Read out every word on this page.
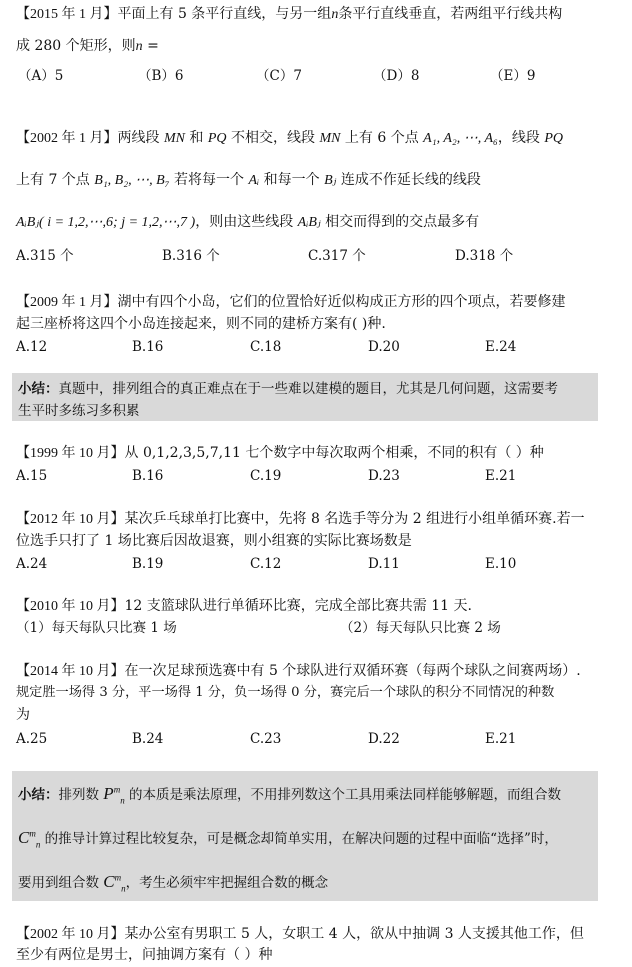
【2015 年 1 月】平面上有 5 条平行直线，与另一组n条平行直线垂直，若两组平行线共构
成 280 个矩形，则n =
（A）5	（B）6	（C）7	（D）8	（E）9
【2002 年 1 月】两线段 MN 和 PQ 不相交，线段 MN 上有 6 个点 A₁, A₂, ⋯, A₆，线段 PQ
上有 7 个点 B₁, B₂, ⋯, B₇ 若将每一个 Aᵢ 和每一个 Bⱼ 连成不作延长线的线段
AᵢBⱼ( i = 1,2,⋯,6; j = 1,2,⋯,7 )，则由这些线段 AᵢBⱼ 相交而得到的交点最多有
A.315 个	B.316 个	C.317 个	D.318 个
【2009 年 1 月】湖中有四个小岛，它们的位置恰好近似构成正方形的四个项点，若要修建
起三座桥将这四个小岛连接起来，则不同的建桥方案有( )种.
A.12	B.16	C.18	D.20	E.24
小结：真题中，排列组合的真正难点在于一些难以建模的题目，尤其是几何问题，这需要考
生平时多练习多积累
【1999 年 10 月】从 0,1,2,3,5,7,11 七个数字中每次取两个相乘，不同的积有（ ）种
A.15	B.16	C.19	D.23	E.21
【2012 年 10 月】某次乒乓球单打比赛中，先将 8 名选手等分为 2 组进行小组单循环赛.若一
位选手只打了 1 场比赛后因故退赛，则小组赛的实际比赛场数是
A.24	B.19	C.12	D.11	E.10
【2010 年 10 月】12 支篮球队进行单循环比赛，完成全部比赛共需 11 天.
（1）每天每队只比赛 1 场	（2）每天每队只比赛 2 场
【2014 年 10 月】在一次足球预选赛中有 5 个球队进行双循环赛（每两个球队之间赛两场）.
规定胜一场得 3 分，平一场得 1 分，负一场得 0 分，赛完后一个球队的积分不同情况的种数
为
A.25	B.24	C.23	D.22	E.21
小结：排列数 $P^m_n$ 的本质是乘法原理，不用排列数这个工具用乘法同样能够解题，而组合数
$C^m_n$ 的推导计算过程比较复杂，可是概念却简单实用，在解决问题的过程中面临“选择”时，
要用到组合数 $C^m_n$，考生必须牢牢把握组合数的概念
【2002 年 10 月】某办公室有男职工 5 人，女职工 4 人，欲从中抽调 3 人支援其他工作，但
至少有两位是男士，问抽调方案有（ ）种
